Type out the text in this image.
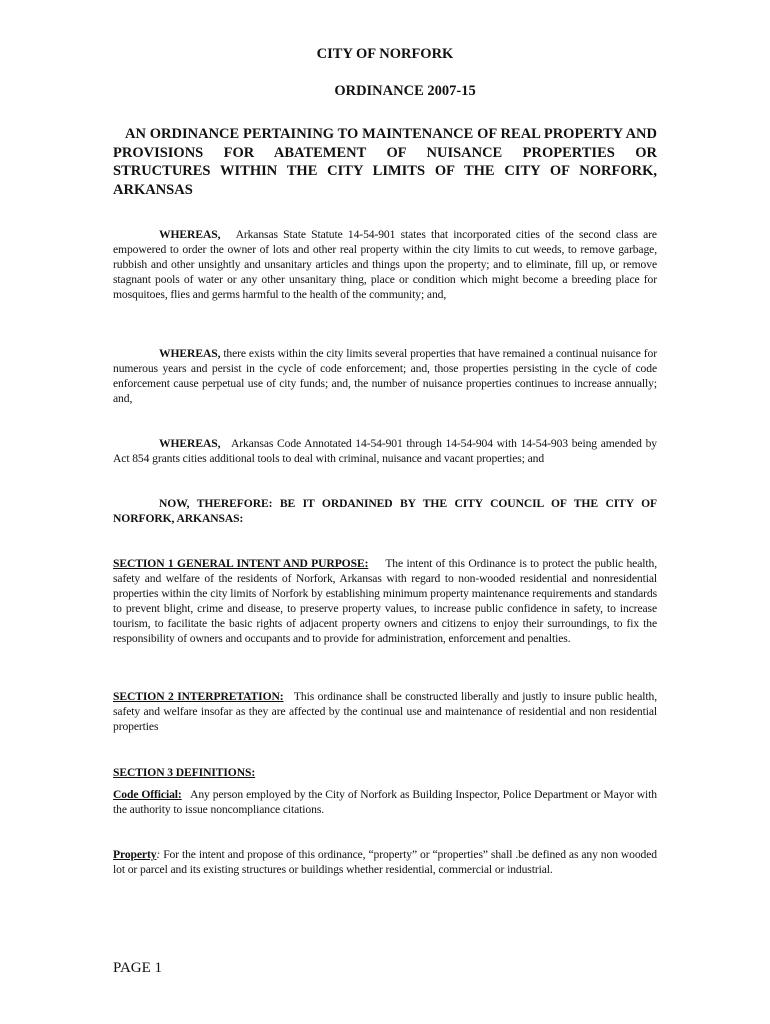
CITY OF NORFORK
ORDINANCE 2007-15
AN ORDINANCE PERTAINING TO MAINTENANCE OF REAL PROPERTY AND PROVISIONS FOR ABATEMENT OF NUISANCE PROPERTIES OR STRUCTURES WITHIN THE CITY LIMITS OF THE CITY OF NORFORK, ARKANSAS
WHEREAS, Arkansas State Statute 14-54-901 states that incorporated cities of the second class are empowered to order the owner of lots and other real property within the city limits to cut weeds, to remove garbage, rubbish and other unsightly and unsanitary articles and things upon the property; and to eliminate, fill up, or remove stagnant pools of water or any other unsanitary thing, place or condition which might become a breeding place for mosquitoes, flies and germs harmful to the health of the community; and,
WHEREAS, there exists within the city limits several properties that have remained a continual nuisance for numerous years and persist in the cycle of code enforcement; and, those properties persisting in the cycle of code enforcement cause perpetual use of city funds; and, the number of nuisance properties continues to increase annually; and,
WHEREAS, Arkansas Code Annotated 14-54-901 through 14-54-904 with 14-54-903 being amended by Act 854 grants cities additional tools to deal with criminal, nuisance and vacant properties; and
NOW, THEREFORE: BE IT ORDANINED BY THE CITY COUNCIL OF THE CITY OF NORFORK, ARKANSAS:
SECTION 1 GENERAL INTENT AND PURPOSE: The intent of this Ordinance is to protect the public health, safety and welfare of the residents of Norfork, Arkansas with regard to non-wooded residential and nonresidential properties within the city limits of Norfork by establishing minimum property maintenance requirements and standards to prevent blight, crime and disease, to preserve property values, to increase public confidence in safety, to increase tourism, to facilitate the basic rights of adjacent property owners and citizens to enjoy their surroundings, to fix the responsibility of owners and occupants and to provide for administration, enforcement and penalties.
SECTION 2 INTERPRETATION: This ordinance shall be constructed liberally and justly to insure public health, safety and welfare insofar as they are affected by the continual use and maintenance of residential and non residential properties
SECTION 3 DEFINITIONS:
Code Official: Any person employed by the City of Norfork as Building Inspector, Police Department or Mayor with the authority to issue noncompliance citations.
Property: For the intent and propose of this ordinance, “property” or “properties” shall .be defined as any non wooded lot or parcel and its existing structures or buildings whether residential, commercial or industrial.
PAGE 1
